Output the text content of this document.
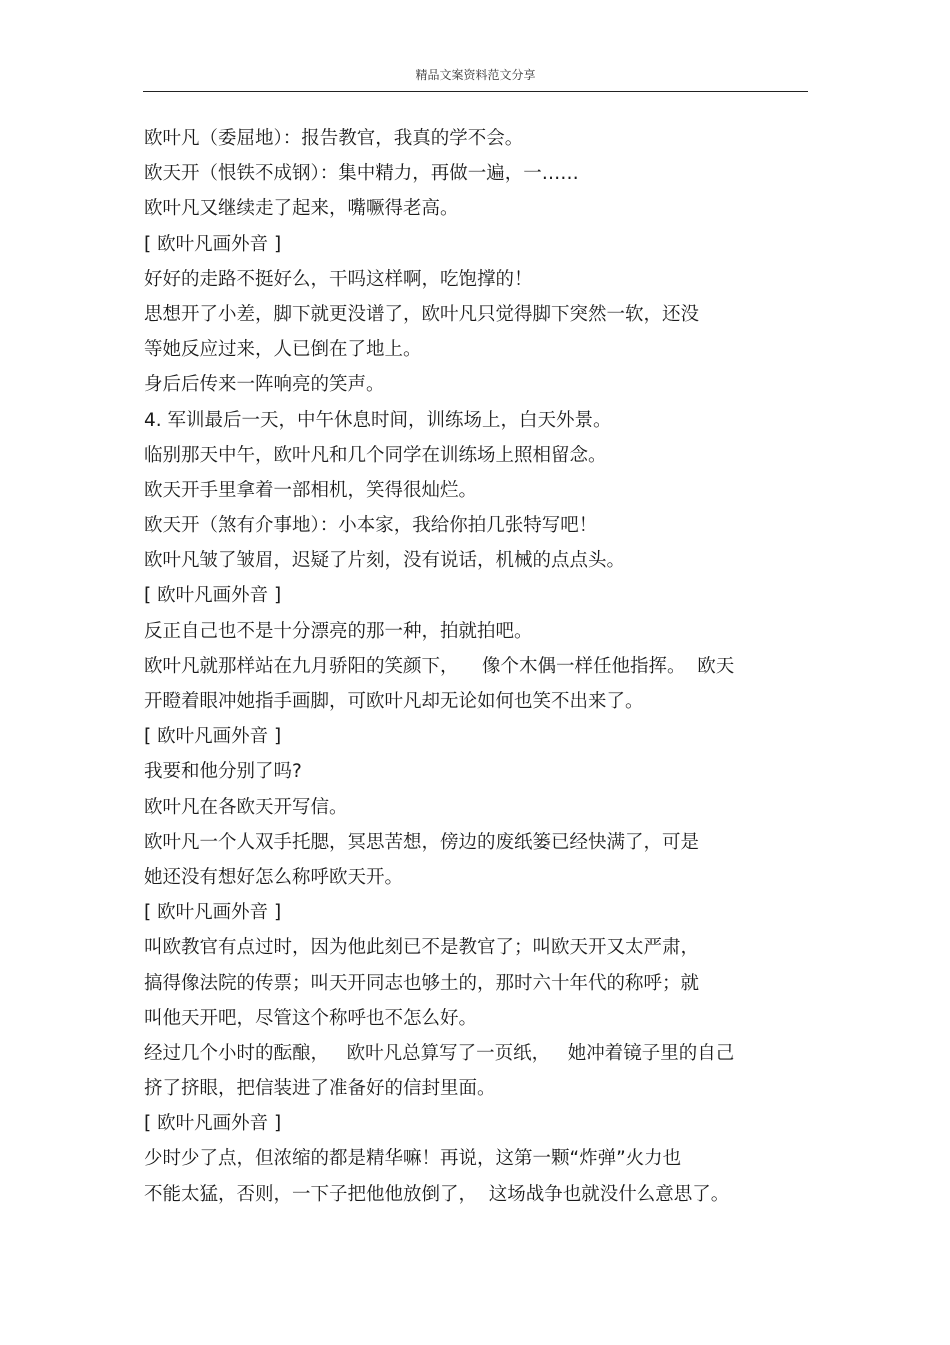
精品文案资料范文分享
欧叶凡（委屈地）：报告教官，我真的学不会。
欧天开（恨铁不成钢）：集中精力，再做一遍，一……
欧叶凡又继续走了起来，嘴噘得老高。
[ 欧叶凡画外音 ]
好好的走路不挺好么，干吗这样啊，吃饱撑的！
思想开了小差，脚下就更没谱了，欧叶凡只觉得脚下突然一软，还没
等她反应过来，人已倒在了地上。
身后后传来一阵响亮的笑声。
4. 军训最后一天，中午休息时间，训练场上，白天外景。
临别那天中午，欧叶凡和几个同学在训练场上照相留念。
欧天开手里拿着一部相机，笑得很灿烂。
欧天开（煞有介事地）：小本家，我给你拍几张特写吧！
欧叶凡皱了皱眉，迟疑了片刻，没有说话，机械的点点头。
[ 欧叶凡画外音 ]
反正自己也不是十分漂亮的那一种，拍就拍吧。
欧叶凡就那样站在九月骄阳的笑颜下，    像个木偶一样任他指挥。  欧天
开瞪着眼冲她指手画脚，可欧叶凡却无论如何也笑不出来了。
[ 欧叶凡画外音 ]
我要和他分别了吗?
欧叶凡在各欧天开写信。
欧叶凡一个人双手托腮，冥思苦想，傍边的废纸篓已经快满了，可是
她还没有想好怎么称呼欧天开。
[ 欧叶凡画外音 ]
叫欧教官有点过时，因为他此刻已不是教官了；叫欧天开又太严肃，
搞得像法院的传票；叫天开同志也够土的，那时六十年代的称呼；就
叫他天开吧，尽管这个称呼也不怎么好。
经过几个小时的酝酿，   欧叶凡总算写了一页纸，   她冲着镜子里的自己
挤了挤眼，把信装进了准备好的信封里面。
[ 欧叶凡画外音 ]
少时少了点，但浓缩的都是精华嘛！再说，这第一颗“炸弹”火力也
不能太猛，否则，一下子把他他放倒了，  这场战争也就没什么意思了。
